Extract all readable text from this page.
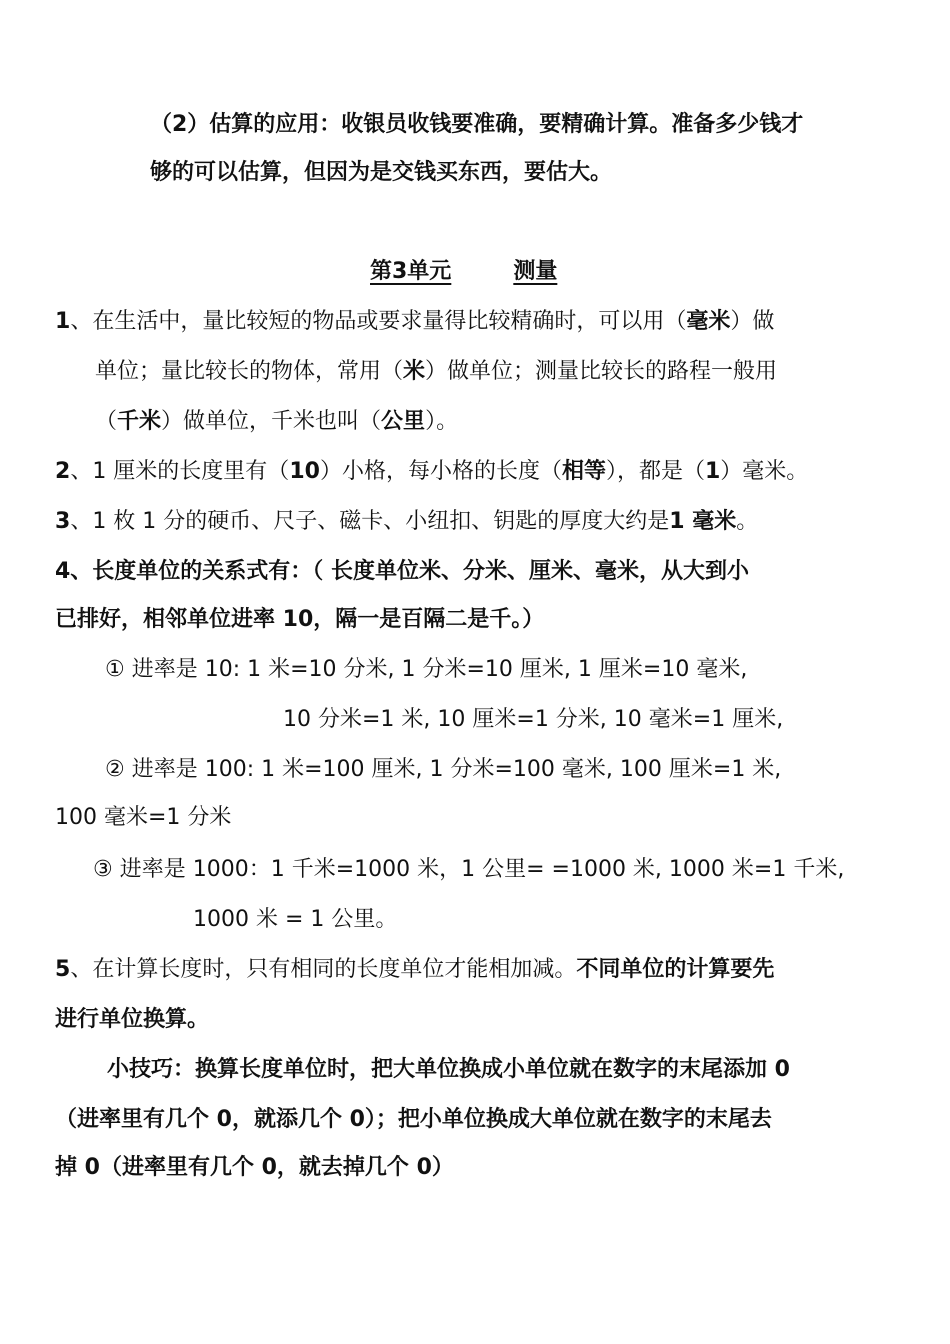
（2）估算的应用：收银员收钱要准确，要精确计算。准备多少钱才
够的可以估算，但因为是交钱买东西，要估大。
第3单元	测量
1、在生活中，量比较短的物品或要求量得比较精确时，可以用（毫米）做
单位；量比较长的物体，常用（米）做单位；测量比较长的路程一般用
（千米）做单位，千米也叫（公里）。
2、1 厘米的长度里有（10）小格，每小格的长度（相等），都是（1）毫米。
3、1 枚 1 分的硬币、尺子、磁卡、小纽扣、钥匙的厚度大约是1 毫米。
4、长度单位的关系式有：（ 长度单位米、分米、厘米、毫米，从大到小
已排好，相邻单位进率 10，隔一是百隔二是千。）
① 进率是 10: 1 米=10 分米, 1 分米=10 厘米, 1 厘米=10 毫米,
10 分米=1 米, 10 厘米=1 分米, 10 毫米=1 厘米,
② 进率是 100: 1 米=100 厘米, 1 分米=100 毫米, 100 厘米=1 米,
100 毫米=1 分米
③ 进率是 1000：1 千米=1000 米，1 公里= =1000 米, 1000 米=1 千米,
1000 米 = 1 公里。
5、在计算长度时，只有相同的长度单位才能相加减。不同单位的计算要先
进行单位换算。
小技巧：换算长度单位时，把大单位换成小单位就在数字的末尾添加 0
（进率里有几个 0，就添几个 0）；把小单位换成大单位就在数字的末尾去
掉 0（进率里有几个 0，就去掉几个 0）
